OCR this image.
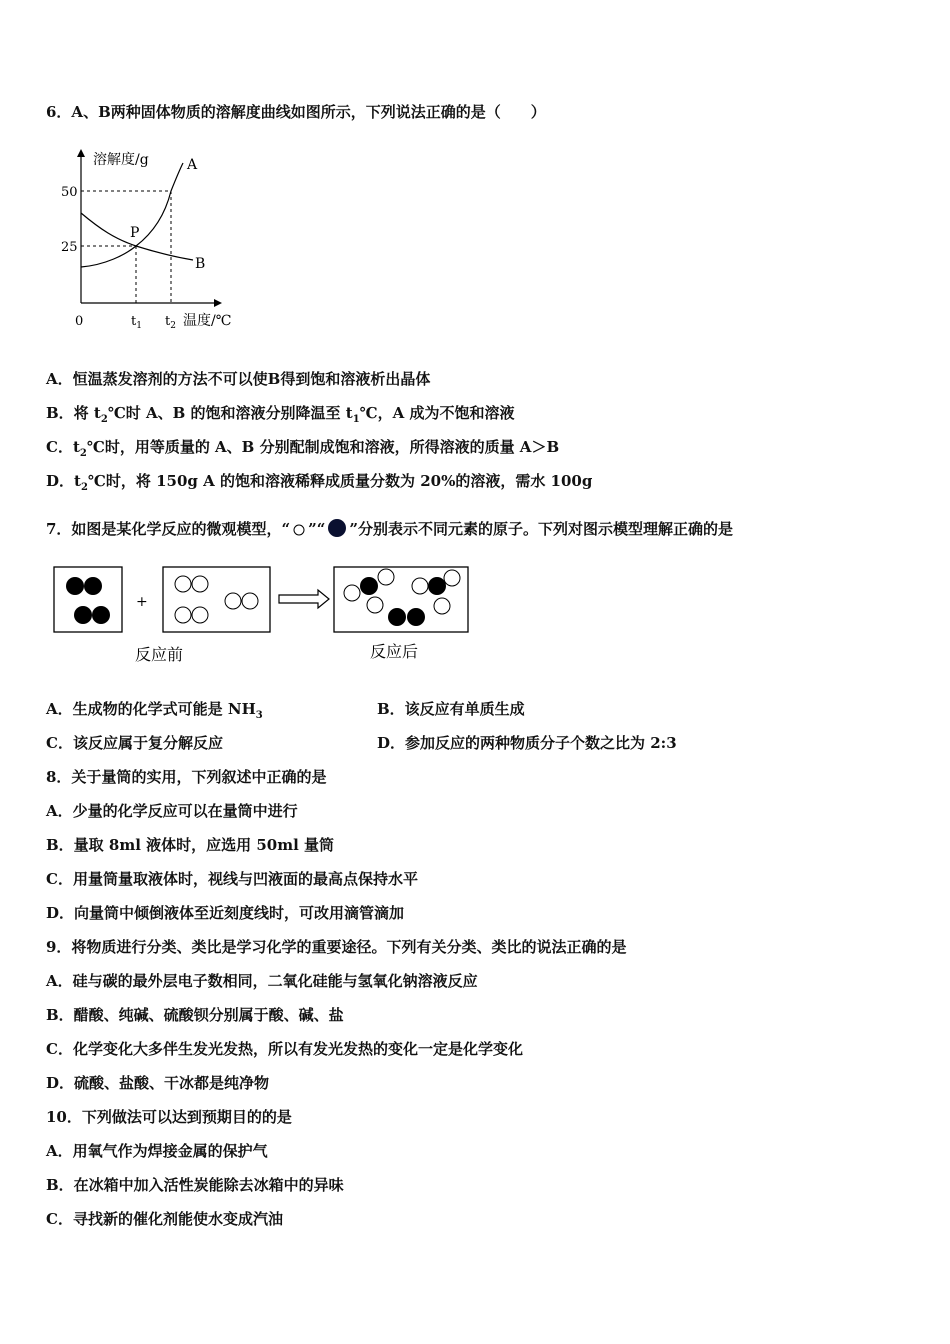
6．A、B两种固体物质的溶解度曲线如图所示，下列说法正确的是（　　）
溶解度/g	A
B
P
50
25
0	$t_1$ $t_2$ 温度/℃
A．恒温蒸发溶剂的方法不可以使B得到饱和溶液析出晶体
B．将 $t_2℃$时 A、B 的饱和溶液分别降温至 $t_1℃$，A 成为不饱和溶液
C．$t_2℃$时，用等质量的 A、B 分别配制成饱和溶液，所得溶液的质量 A＞B
D．$t_2℃$时，将 150g A 的饱和溶液稀释成质量分数为 20%的溶液，需水 100g
7．如图是某化学反应的微观模型，“ ”“ ”分别表示不同元素的原子。下列对图示模型理解正确的是
+
反应前	反应后
A．生成物的化学式可能是 $NH_3$	B．该反应有单质生成
C．该反应属于复分解反应	D．参加反应的两种物质分子个数之比为 2:3
8．关于量筒的实用，下列叙述中正确的是
A．少量的化学反应可以在量筒中进行
B．量取 8ml 液体时，应选用 50ml 量筒
C．用量筒量取液体时，视线与凹液面的最高点保持水平
D．向量筒中倾倒液体至近刻度线时，可改用滴管滴加
9．将物质进行分类、类比是学习化学的重要途径。下列有关分类、类比的说法正确的是
A．硅与碳的最外层电子数相同，二氧化硅能与氢氧化钠溶液反应
B．醋酸、纯碱、硫酸钡分别属于酸、碱、盐
C．化学变化大多伴生发光发热，所以有发光发热的变化一定是化学变化
D．硫酸、盐酸、干冰都是纯净物
10．下列做法可以达到预期目的的是
A．用氧气作为焊接金属的保护气
B．在冰箱中加入活性炭能除去冰箱中的异味
C．寻找新的催化剂能使水变成汽油
